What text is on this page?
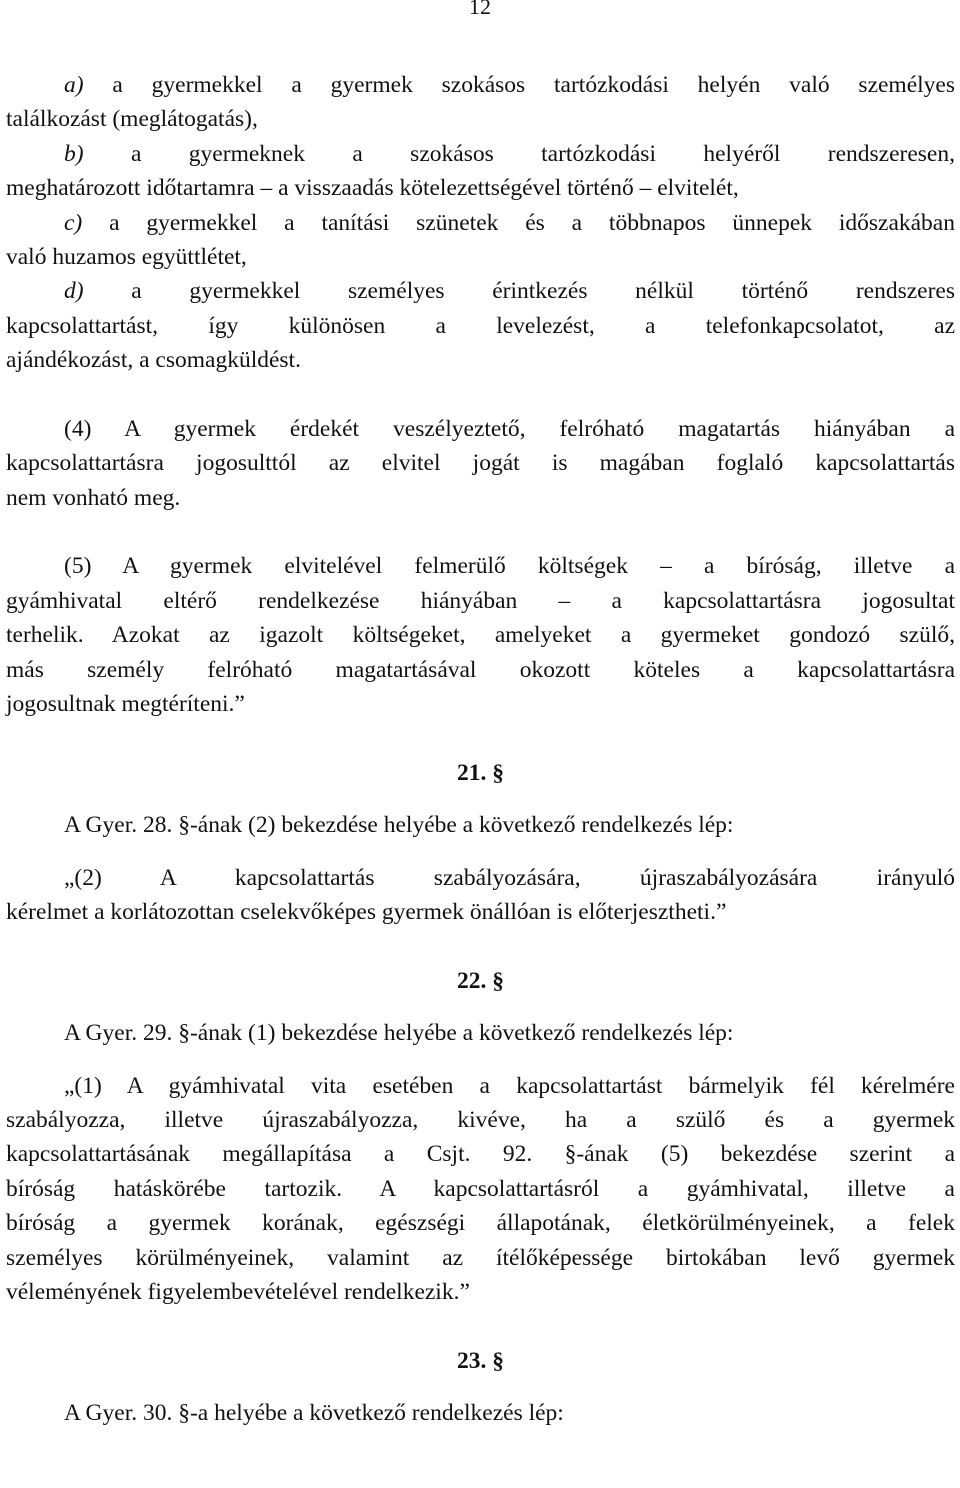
12
a) a gyermekkel a gyermek szokásos tartózkodási helyén való személyes
találkozást (meglátogatás),
b) a gyermeknek a szokásos tartózkodási helyéről rendszeresen,
meghatározott időtartamra – a visszaadás kötelezettségével történő – elvitelét,
c) a gyermekkel a tanítási szünetek és a többnapos ünnepek időszakában
való huzamos együttlétet,
d) a gyermekkel személyes érintkezés nélkül történő rendszeres
kapcsolattartást, így különösen a levelezést, a telefonkapcsolatot, az
ajándékozást, a csomagküldést.
(4) A gyermek érdekét veszélyeztető, felróható magatartás hiányában a
kapcsolattartásra jogosulttól az elvitel jogát is magában foglaló kapcsolattartás
nem vonható meg.
(5) A gyermek elvitelével felmerülő költségek – a bíróság, illetve a
gyámhivatal eltérő rendelkezése hiányában – a kapcsolattartásra jogosultat
terhelik. Azokat az igazolt költségeket, amelyeket a gyermeket gondozó szülő,
más személy felróható magatartásával okozott köteles a kapcsolattartásra
jogosultnak megtéríteni.”
21. §
A Gyer. 28. §-ának (2) bekezdése helyébe a következő rendelkezés lép:
„(2) A kapcsolattartás szabályozására, újraszabályozására irányuló
kérelmet a korlátozottan cselekvőképes gyermek önállóan is előterjesztheti.”
22. §
A Gyer. 29. §-ának (1) bekezdése helyébe a következő rendelkezés lép:
„(1) A gyámhivatal vita esetében a kapcsolattartást bármelyik fél kérelmére
szabályozza, illetve újraszabályozza, kivéve, ha a szülő és a gyermek
kapcsolattartásának megállapítása a Csjt. 92. §-ának (5) bekezdése szerint a
bíróság hatáskörébe tartozik. A kapcsolattartásról a gyámhivatal, illetve a
bíróság a gyermek korának, egészségi állapotának, életkörülményeinek, a felek
személyes körülményeinek, valamint az ítélőképessége birtokában levő gyermek
véleményének figyelembevételével rendelkezik.”
23. §
A Gyer. 30. §-a helyébe a következő rendelkezés lép:
